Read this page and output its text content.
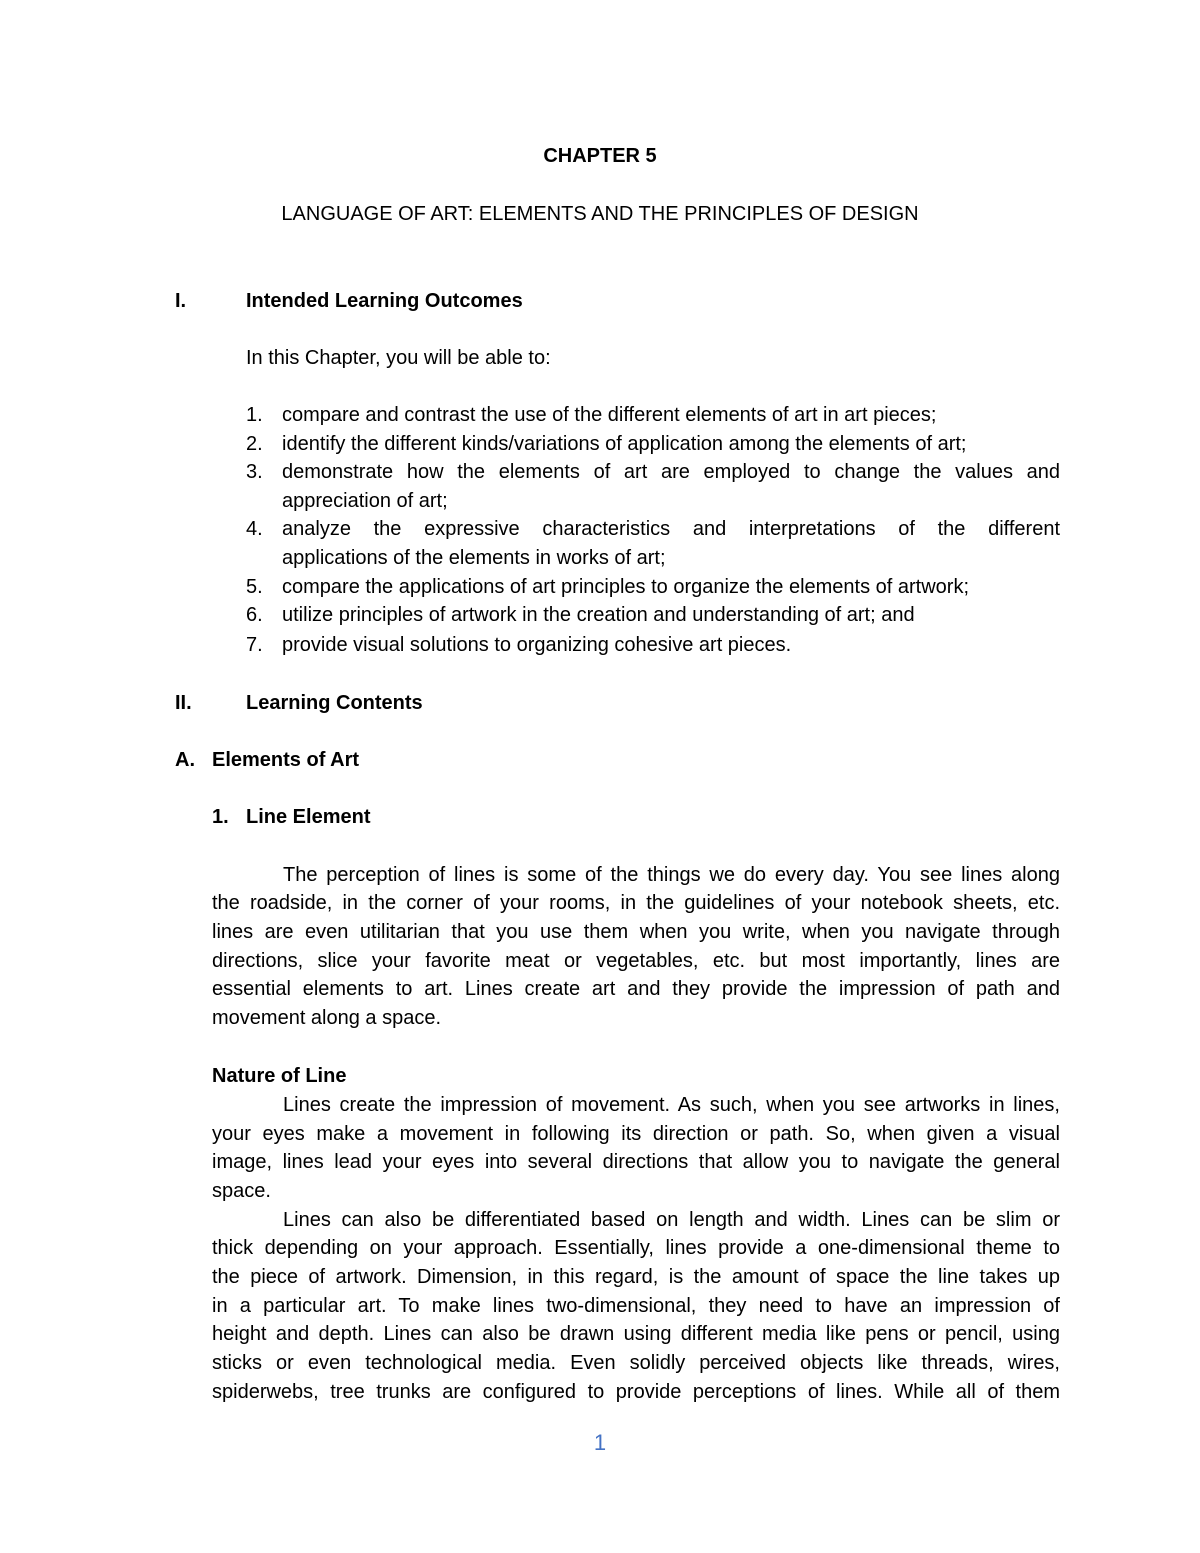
CHAPTER 5
LANGUAGE OF ART: ELEMENTS AND THE PRINCIPLES OF DESIGN
I.	Intended Learning Outcomes
In this Chapter, you will be able to:
1. compare and contrast the use of the different elements of art in art pieces;
2. identify the different kinds/variations of application among the elements of art;
3. demonstrate how the elements of art are employed to change the values and
appreciation of art;
4. analyze the expressive characteristics and interpretations of the different
applications of the elements in works of art;
5. compare the applications of art principles to organize the elements of artwork;
6. utilize principles of artwork in the creation and understanding of art; and
7. provide visual solutions to organizing cohesive art pieces.
II.	Learning Contents
A. Elements of Art
1. Line Element
The perception of lines is some of the things we do every day. You see lines along
the roadside, in the corner of your rooms, in the guidelines of your notebook sheets, etc.
lines are even utilitarian that you use them when you write, when you navigate through
directions, slice your favorite meat or vegetables, etc. but most importantly, lines are
essential elements to art. Lines create art and they provide the impression of path and
movement along a space.
Nature of Line
Lines create the impression of movement. As such, when you see artworks in lines,
your eyes make a movement in following its direction or path. So, when given a visual
image, lines lead your eyes into several directions that allow you to navigate the general
space.
Lines can also be differentiated based on length and width. Lines can be slim or
thick depending on your approach. Essentially, lines provide a one-dimensional theme to
the piece of artwork. Dimension, in this regard, is the amount of space the line takes up
in a particular art. To make lines two-dimensional, they need to have an impression of
height and depth. Lines can also be drawn using different media like pens or pencil, using
sticks or even technological media. Even solidly perceived objects like threads, wires,
spiderwebs, tree trunks are configured to provide perceptions of lines. While all of them
1
